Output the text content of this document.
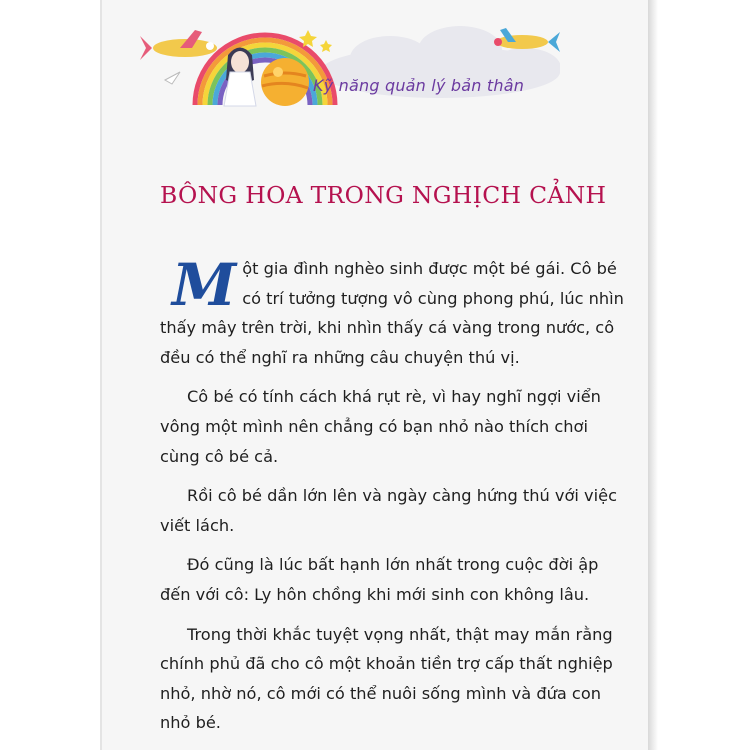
Kỹ năng quản lý bản thân
BÔNG HOA TRONG NGHỊCH CẢNH

Một gia đình nghèo sinh được một bé gái. Cô bé có trí tưởng tượng vô cùng phong phú, lúc nhìn thấy mây trên trời, khi nhìn thấy cá vàng trong nước, cô đều có thể nghĩ ra những câu chuyện thú vị.

Cô bé có tính cách khá rụt rè, vì hay nghĩ ngợi viển vông một mình nên chẳng có bạn nhỏ nào thích chơi cùng cô bé cả.

Rồi cô bé dần lớn lên và ngày càng hứng thú với việc viết lách.

Đó cũng là lúc bất hạnh lớn nhất trong cuộc đời ập đến với cô: Ly hôn chồng khi mới sinh con không lâu.

Trong thời khắc tuyệt vọng nhất, thật may mắn rằng chính phủ đã cho cô một khoản tiền trợ cấp thất nghiệp nhỏ, nhờ nó, cô mới có thể nuôi sống mình và đứa con nhỏ bé.
